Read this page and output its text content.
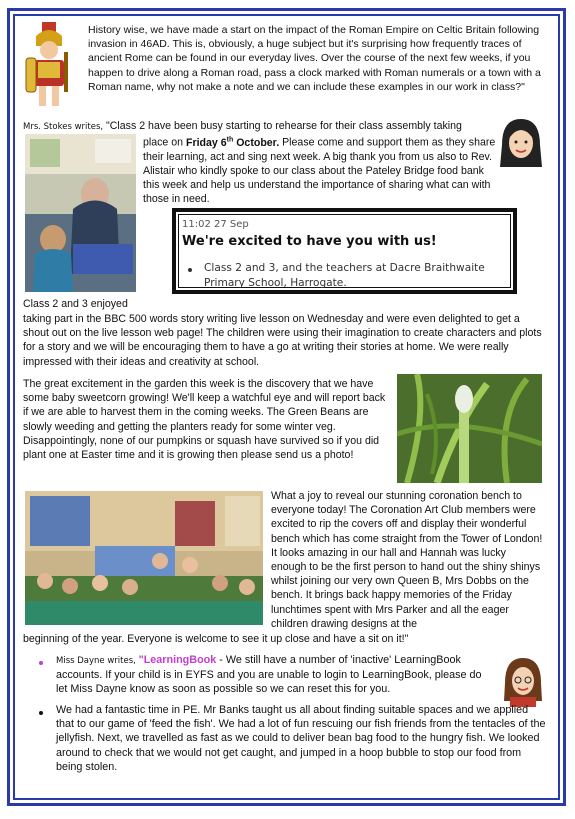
History wise, we have made a start on the impact of the Roman Empire on Celtic Britain following invasion in 46AD. This is, obviously, a huge subject but it's surprising how frequently traces of ancient Rome can be found in our everyday lives. Over the course of the next few weeks, if you happen to drive along a Roman road, pass a clock marked with Roman numerals or a town with a Roman name, why not make a note and we can include these examples in our work in class?"
Mrs. Stokes writes, "Class 2 have been busy starting to rehearse for their class assembly taking
place on Friday 6th October. Please come and support them as they share their learning, act and sing next week. A big thank you from us also to Rev. Alistair who kindly spoke to our class about the Pateley Bridge food bank this week and help us understand the importance of sharing what can with those in need.
11:02 27 Sep
We're excited to have you with us!
Class 2 and 3, and the teachers at Dacre Braithwaite Primary School, Harrogate.
Class 2 and 3 enjoyed
taking part in the BBC 500 words story writing live lesson on Wednesday and were even delighted to get a shout out on the live lesson web page! The children were using their imagination to create characters and plots for a story and we will be encouraging them to have a go at writing their stories at home. We were really impressed with their ideas and creativity at school.
The great excitement in the garden this week is the discovery that we have some baby sweetcorn growing! We'll keep a watchful eye and will report back if we are able to harvest them in the coming weeks. The Green Beans are slowly weeding and getting the planters ready for some winter veg. Disappointingly, none of our pumpkins or squash have survived so if you did plant one at Easter time and it is growing then please send us a photo!
What a joy to reveal our stunning coronation bench to everyone today! The Coronation Art Club members were excited to rip the covers off and display their wonderful bench which has come straight from the Tower of London! It looks amazing in our hall and Hannah was lucky enough to be the first person to hand out the shiny shinys whilst joining our very own Queen B, Mrs Dobbs on the bench. It brings back happy memories of the Friday lunchtimes spent with Mrs Parker and all the eager children drawing designs at the
beginning of the year. Everyone is welcome to see it up close and have a sit on it!"
Miss Dayne writes, "LearningBook - We still have a number of 'inactive' LearningBook accounts. If your child is in EYFS and you are unable to login to LearningBook, please do let Miss Dayne know as soon as possible so we can reset this for you.
We had a fantastic time in PE. Mr Banks taught us all about finding suitable spaces and we applied that to our game of 'feed the fish'. We had a lot of fun rescuing our fish friends from the tentacles of the jellyfish. Next, we travelled as fast as we could to deliver bean bag food to the hungry fish. We looked around to check that we would not get caught, and jumped in a hoop bubble to stop our food from being stolen.
